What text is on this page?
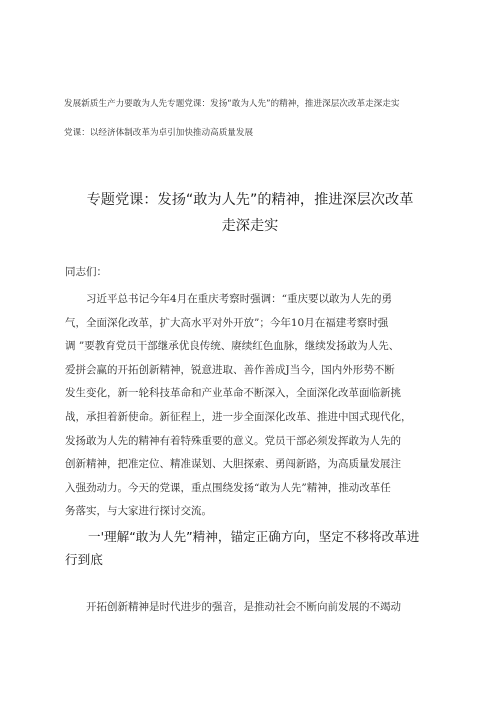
发展新质生产力要敢为人先专题党课：发扬“敢为人先”的精神，推进深层次改革走深走实
党课：以经济体制改革为卓引加快推动高质量发展
专题党课：发扬“敢为人先”的精神，推进深层次改革
走深走实
同志们：
习近平总书记今年4月在重庆考察时强调：“重庆要以敢为人先的勇
气，全面深化改革，扩大高水平对外开放”；今年10月在福建考察时强
调 ”要教育党员干部继承优良传统、赓续红色血脉，继续发扬敢为人先、
爱拼会赢的开拓创新精神，锐意进取、善作善成J当今，国内外形势不断
发生变化，新一轮科技革命和产业革命不断深入，全面深化改革面临新挑
战，承担着新使命。新征程上，进一步全面深化改革、推进中国式现代化，
发扬敢为人先的精神有着特殊重要的意义。党员干部必须发挥敢为人先的
创新精神，把准定位、精准谋划、大胆探索、勇闯新路，为高质量发展注
入强劲动力。今天的党课，重点围绕发扬“敢为人先”精神，推动改革任
务落实，与大家进行探讨交流。
一'理解“敢为人先”精神，锚定正确方向，坚定不移将改革进
行到底
开拓创新精神是时代进步的强音，是推动社会不断向前发展的不竭动
